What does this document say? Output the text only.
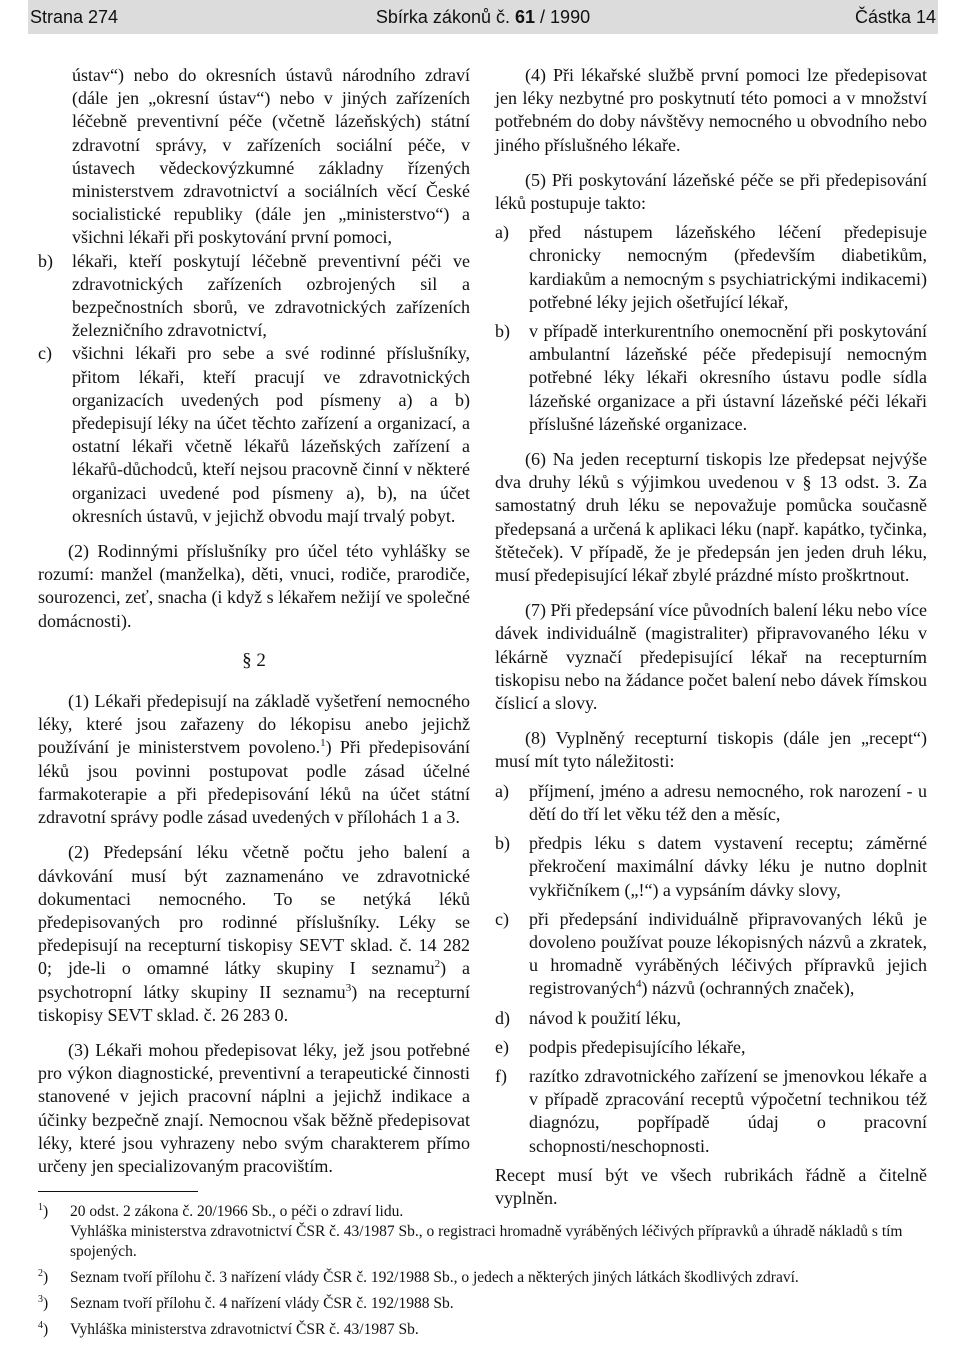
Strana 274	Sbírka zákonů č. 61 / 1990	Částka 14

ústav“) nebo do okresních ústavů národního zdraví (dále jen „okresní ústav“) nebo v jiných zařízeních léčebně preventivní péče (včetně lázeňských) státní zdravotní správy, v zařízeních sociální péče, v ústavech vědeckovýzkumné základny řízených ministerstvem zdravotnictví a sociálních věcí České socialistické republiky (dále jen „ministerstvo“) a všichni lékaři při poskytování první pomoci,

b)	lékaři, kteří poskytují léčebně preventivní péči ve zdravotnických zařízeních ozbrojených sil a bezpečnostních sborů, ve zdravotnických zařízeních železničního zdravotnictví,
c)	všichni lékaři pro sebe a své rodinné příslušníky, přitom lékaři, kteří pracují ve zdravotnických organizacích uvedených pod písmeny a) a b) předepisují léky na účet těchto zařízení a organizací, a ostatní lékaři včetně lékařů lázeňských zařízení a lékařů-důchodců, kteří nejsou pracovně činní v některé organizaci uvedené pod písmeny a), b), na účet okresních ústavů, v jejichž obvodu mají trvalý pobyt.

(2) Rodinnými příslušníky pro účel této vyhlášky se rozumí: manžel (manželka), děti, vnuci, rodiče, prarodiče, sourozenci, zeť, snacha (i když s lékařem nežijí ve společné domácnosti).

§ 2

(1) Lékaři předepisují na základě vyšetření nemocného léky, které jsou zařazeny do lékopisu anebo jejichž používání je ministerstvem povoleno.$^1$) Při předepisování léků jsou povinni postupovat podle zásad účelné farmakoterapie a při předepisování léků na účet státní zdravotní správy podle zásad uvedených v přílohách 1 a 3.

(2) Předepsání léku včetně počtu jeho balení a dávkování musí být zaznamenáno ve zdravotnické dokumentaci nemocného. To se netýká léků předepisovaných pro rodinné příslušníky. Léky se předepisují na recepturní tiskopisy SEVT sklad. č. 14 282 0; jde-li o omamné látky skupiny I seznamu$^2$) a psychotropní látky skupiny II seznamu$^3$) na recepturní tiskopisy SEVT sklad. č. 26 283 0.

(3) Lékaři mohou předepisovat léky, jež jsou potřebné pro výkon diagnostické, preventivní a terapeutické činnosti stanovené v jejich pracovní náplni a jejichž indikace a účinky bezpečně znají. Nemocnou však běžně předepisovat léky, které jsou vyhrazeny nebo svým charakterem přímo určeny jen specializovaným pracovištím.

(4) Při lékařské službě první pomoci lze předepisovat jen léky nezbytné pro poskytnutí této pomoci a v množství potřebném do doby návštěvy nemocného u obvodního nebo jiného příslušného lékaře.

(5) Při poskytování lázeňské péče se při předepisování léků postupuje takto:

a)	před nástupem lázeňského léčení předepisuje chronicky nemocným (především diabetikům, kardiakům a nemocným s psychiatrickými indikacemi) potřebné léky jejich ošetřující lékař,
b)	v případě interkurentního onemocnění při poskytování ambulantní lázeňské péče předepisují nemocným potřebné léky lékaři okresního ústavu podle sídla lázeňské organizace a při ústavní lázeňské péči lékaři příslušné lázeňské organizace.

(6) Na jeden recepturní tiskopis lze předepsat nejvýše dva druhy léků s výjimkou uvedenou v § 13 odst. 3. Za samostatný druh léku se nepovažuje pomůcka současně předepsaná a určená k aplikaci léku (např. kapátko, tyčinka, štěteček). V případě, že je předepsán jen jeden druh léku, musí předepisující lékař zbylé prázdné místo proškrtnout.

(7) Při předepsání více původních balení léku nebo více dávek individuálně (magistraliter) připravovaného léku v lékárně vyznačí předepisující lékař na recepturním tiskopisu nebo na žádance počet balení nebo dávek římskou číslicí a slovy.

(8) Vyplněný recepturní tiskopis (dále jen „recept“) musí mít tyto náležitosti:

a)	příjmení, jméno a adresu nemocného, rok narození - u dětí do tří let věku též den a měsíc,
b)	předpis léku s datem vystavení receptu; záměrné překročení maximální dávky léku je nutno doplnit vykřičníkem („!“) a vypsáním dávky slovy,
c)	při předepsání individuálně připravovaných léků je dovoleno používat pouze lékopisných názvů a zkratek, u hromadně vyráběných léčivých přípravků jejich registrovaných$^4$) názvů (ochranných značek),
d)	návod k použití léku,
e)	podpis předepisujícího lékaře,
f)	razítko zdravotnického zařízení se jmenovkou lékaře a v případě zpracování receptů výpočetní technikou též diagnózu, popřípadě údaj o pracovní schopnosti/neschopnosti.

Recept musí být ve všech rubrikách řádně a čitelně vyplněn.

$^1$)	20 odst. 2 zákona č. 20/1966 Sb., o péči o zdraví lidu.
Vyhláška ministerstva zdravotnictví ČSR č. 43/1987 Sb., o registraci hromadně vyráběných léčivých přípravků a úhradě nákladů s tím spojených.
$^2$)	Seznam tvoří přílohu č. 3 nařízení vlády ČSR č. 192/1988 Sb., o jedech a některých jiných látkách škodlivých zdraví.
$^3$)	Seznam tvoří přílohu č. 4 nařízení vlády ČSR č. 192/1988 Sb.
$^4$)	Vyhláška ministerstva zdravotnictví ČSR č. 43/1987 Sb.
